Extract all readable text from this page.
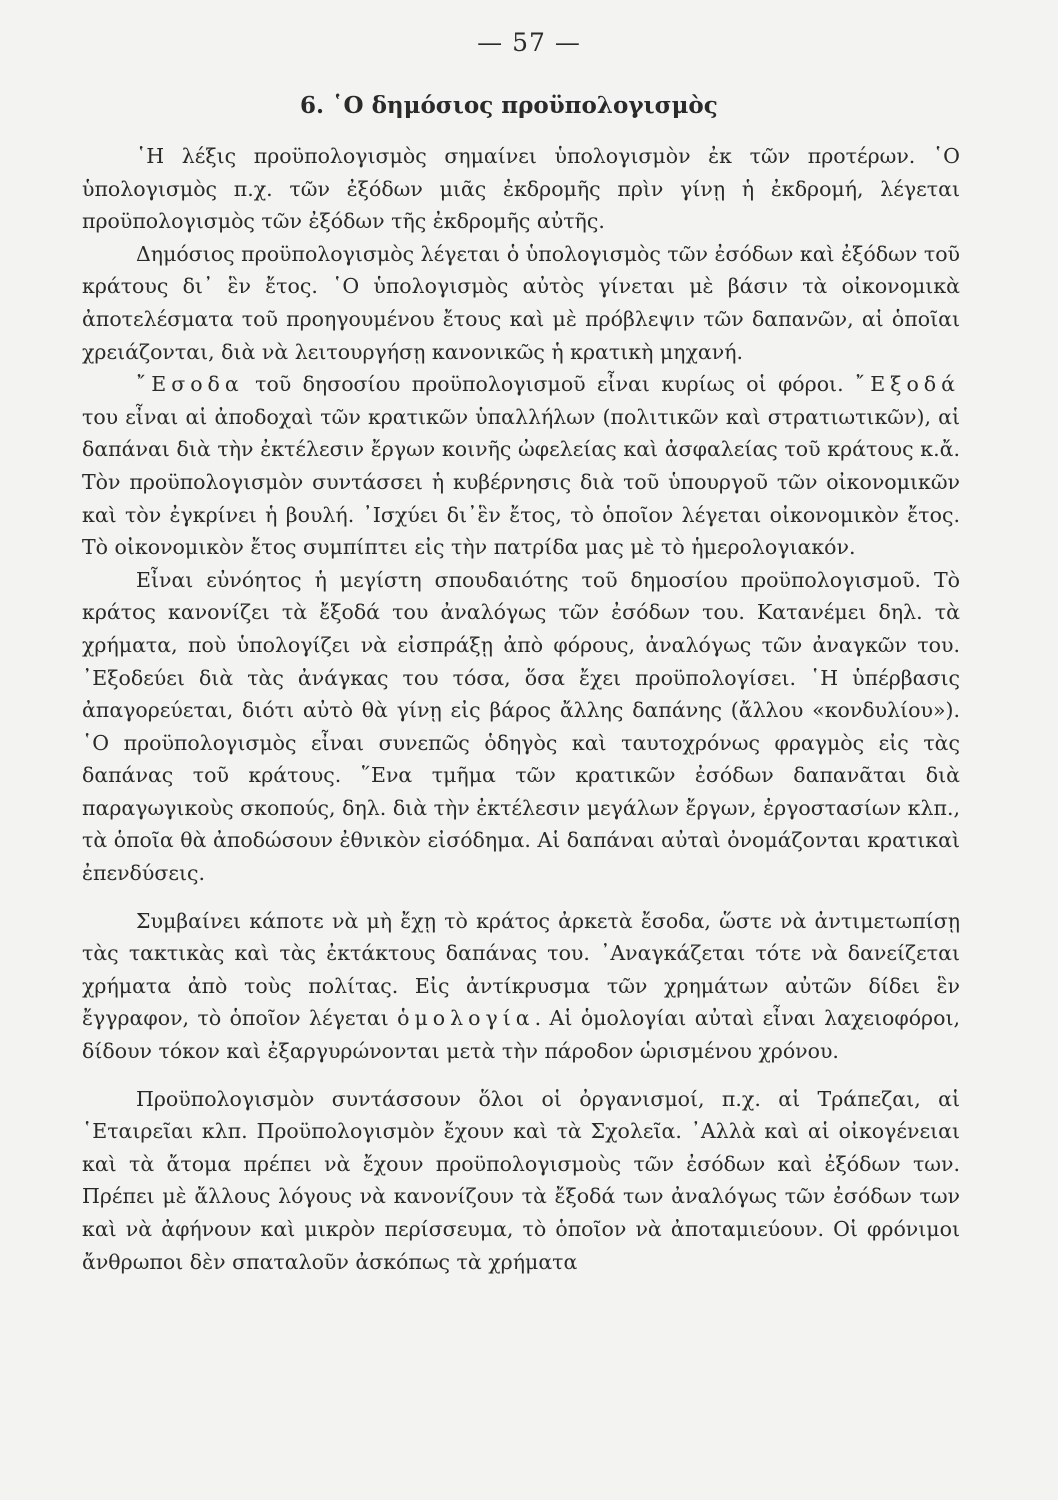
— 57 —
6. ῾Ο δημόσιος προϋπολογισμὸς

῾Η λέξις προϋπολογισμὸς σημαίνει ὑπολογισμὸν ἐκ τῶν προτέρων. ῾Ο ὑπολογισμὸς π.χ. τῶν ἐξόδων μιᾶς ἐκδρομῆς πρὶν γίνῃ ἡ ἐκδρομή, λέγεται προϋπολογισμὸς τῶν ἐξόδων τῆς ἐκδρομῆς αὐτῆς.

Δημόσιος προϋπολογισμὸς λέγεται ὁ ὑπολογισμὸς τῶν ἐσόδων καὶ ἐξόδων τοῦ κράτους δι᾽ ἓν ἔτος. ῾Ο ὑπολογισμὸς αὐτὸς γίνεται μὲ βάσιν τὰ οἰκονομικὰ ἀποτελέσματα τοῦ προηγουμένου ἔτους καὶ μὲ πρόβλεψιν τῶν δαπανῶν, αἱ ὁποῖαι χρειάζονται, διὰ νὰ λειτουργήσῃ κανονικῶς ἡ κρατικὴ μηχανή.

῎Εσοδα τοῦ δησοσίου προϋπολογισμοῦ εἶναι κυρίως οἱ φόροι. ῎Εξοδά του εἶναι αἱ ἀποδοχαὶ τῶν κρατικῶν ὑπαλλήλων (πολιτικῶν καὶ στρατιωτικῶν), αἱ δαπάναι διὰ τὴν ἐκτέλεσιν ἔργων κοινῆς ὠφελείας καὶ ἀσφαλείας τοῦ κράτους κ.ἄ. Τὸν προϋπολογισμὸν συντάσσει ἡ κυβέρνησις διὰ τοῦ ὑπουργοῦ τῶν οἰκονομικῶν καὶ τὸν ἐγκρίνει ἡ βουλή. ᾿Ισχύει δι᾽ἓν ἔτος, τὸ ὁποῖον λέγεται οἰκονομικὸν ἔτος. Τὸ οἰκονομικὸν ἔτος συμπίπτει εἰς τὴν πατρίδα μας μὲ τὸ ἡμερολογιακόν.

Εἶναι εὐνόητος ἡ μεγίστη σπουδαιότης τοῦ δημοσίου προϋπολογισμοῦ. Τὸ κράτος κανονίζει τὰ ἔξοδά του ἀναλόγως τῶν ἐσόδων του. Κατανέμει δηλ. τὰ χρήματα, ποὺ ὑπολογίζει νὰ εἰσπράξῃ ἀπὸ φόρους, ἀναλόγως τῶν ἀναγκῶν του. ᾿Εξοδεύει διὰ τὰς ἀνάγκας του τόσα, ὅσα ἔχει προϋπολογίσει. ῾Η ὑπέρβασις ἀπαγορεύεται, διότι αὐτὸ θὰ γίνῃ εἰς βάρος ἄλλης δαπάνης (ἄλλου «κονδυλίου»). ῾Ο προϋπολογισμὸς εἶναι συνεπῶς ὁδηγὸς καὶ ταυτοχρόνως φραγμὸς εἰς τὰς δαπάνας τοῦ κράτους. ῞Ενα τμῆμα τῶν κρατικῶν ἐσόδων δαπανᾶται διὰ παραγωγικοὺς σκοπούς, δηλ. διὰ τὴν ἐκτέλεσιν μεγάλων ἔργων, ἐργοστασίων κλπ., τὰ ὁποῖα θὰ ἀποδώσουν ἐθνικὸν εἰσόδημα. Αἱ δαπάναι αὐταὶ ὀνομάζονται κρατικαὶ ἐπενδύσεις.

Συμβαίνει κάποτε νὰ μὴ ἔχῃ τὸ κράτος ἀρκετὰ ἔσοδα, ὥστε νὰ ἀντιμετωπίσῃ τὰς τακτικὰς καὶ τὰς ἐκτάκτους δαπάνας του. ᾿Αναγκάζεται τότε νὰ δανείζεται χρήματα ἀπὸ τοὺς πολίτας. Εἰς ἀντίκρυσμα τῶν χρημάτων αὐτῶν δίδει ἓν ἔγγραφον, τὸ ὁποῖον λέγεται ὁμολογία. Αἱ ὁμολογίαι αὐταὶ εἶναι λαχειοφόροι, δίδουν τόκον καὶ ἐξαργυρώνονται μετὰ τὴν πάροδον ὡρισμένου χρόνου.

Προϋπολογισμὸν συντάσσουν ὅλοι οἱ ὀργανισμοί, π.χ. αἱ Τράπεζαι, αἱ ῾Εταιρεῖαι κλπ. Προϋπολογισμὸν ἔχουν καὶ τὰ Σχολεῖα. ᾿Αλλὰ καὶ αἱ οἰκογένειαι καὶ τὰ ἄτομα πρέπει νὰ ἔχουν προϋπολογισμοὺς τῶν ἐσόδων καὶ ἐξόδων των. Πρέπει μὲ ἄλλους λόγους νὰ κανονίζουν τὰ ἔξοδά των ἀναλόγως τῶν ἐσόδων των καὶ νὰ ἀφήνουν καὶ μικρὸν περίσσευμα, τὸ ὁποῖον νὰ ἀποταμιεύουν. Οἱ φρόνιμοι ἄνθρωποι δὲν σπαταλοῦν ἀσκόπως τὰ χρήματα
